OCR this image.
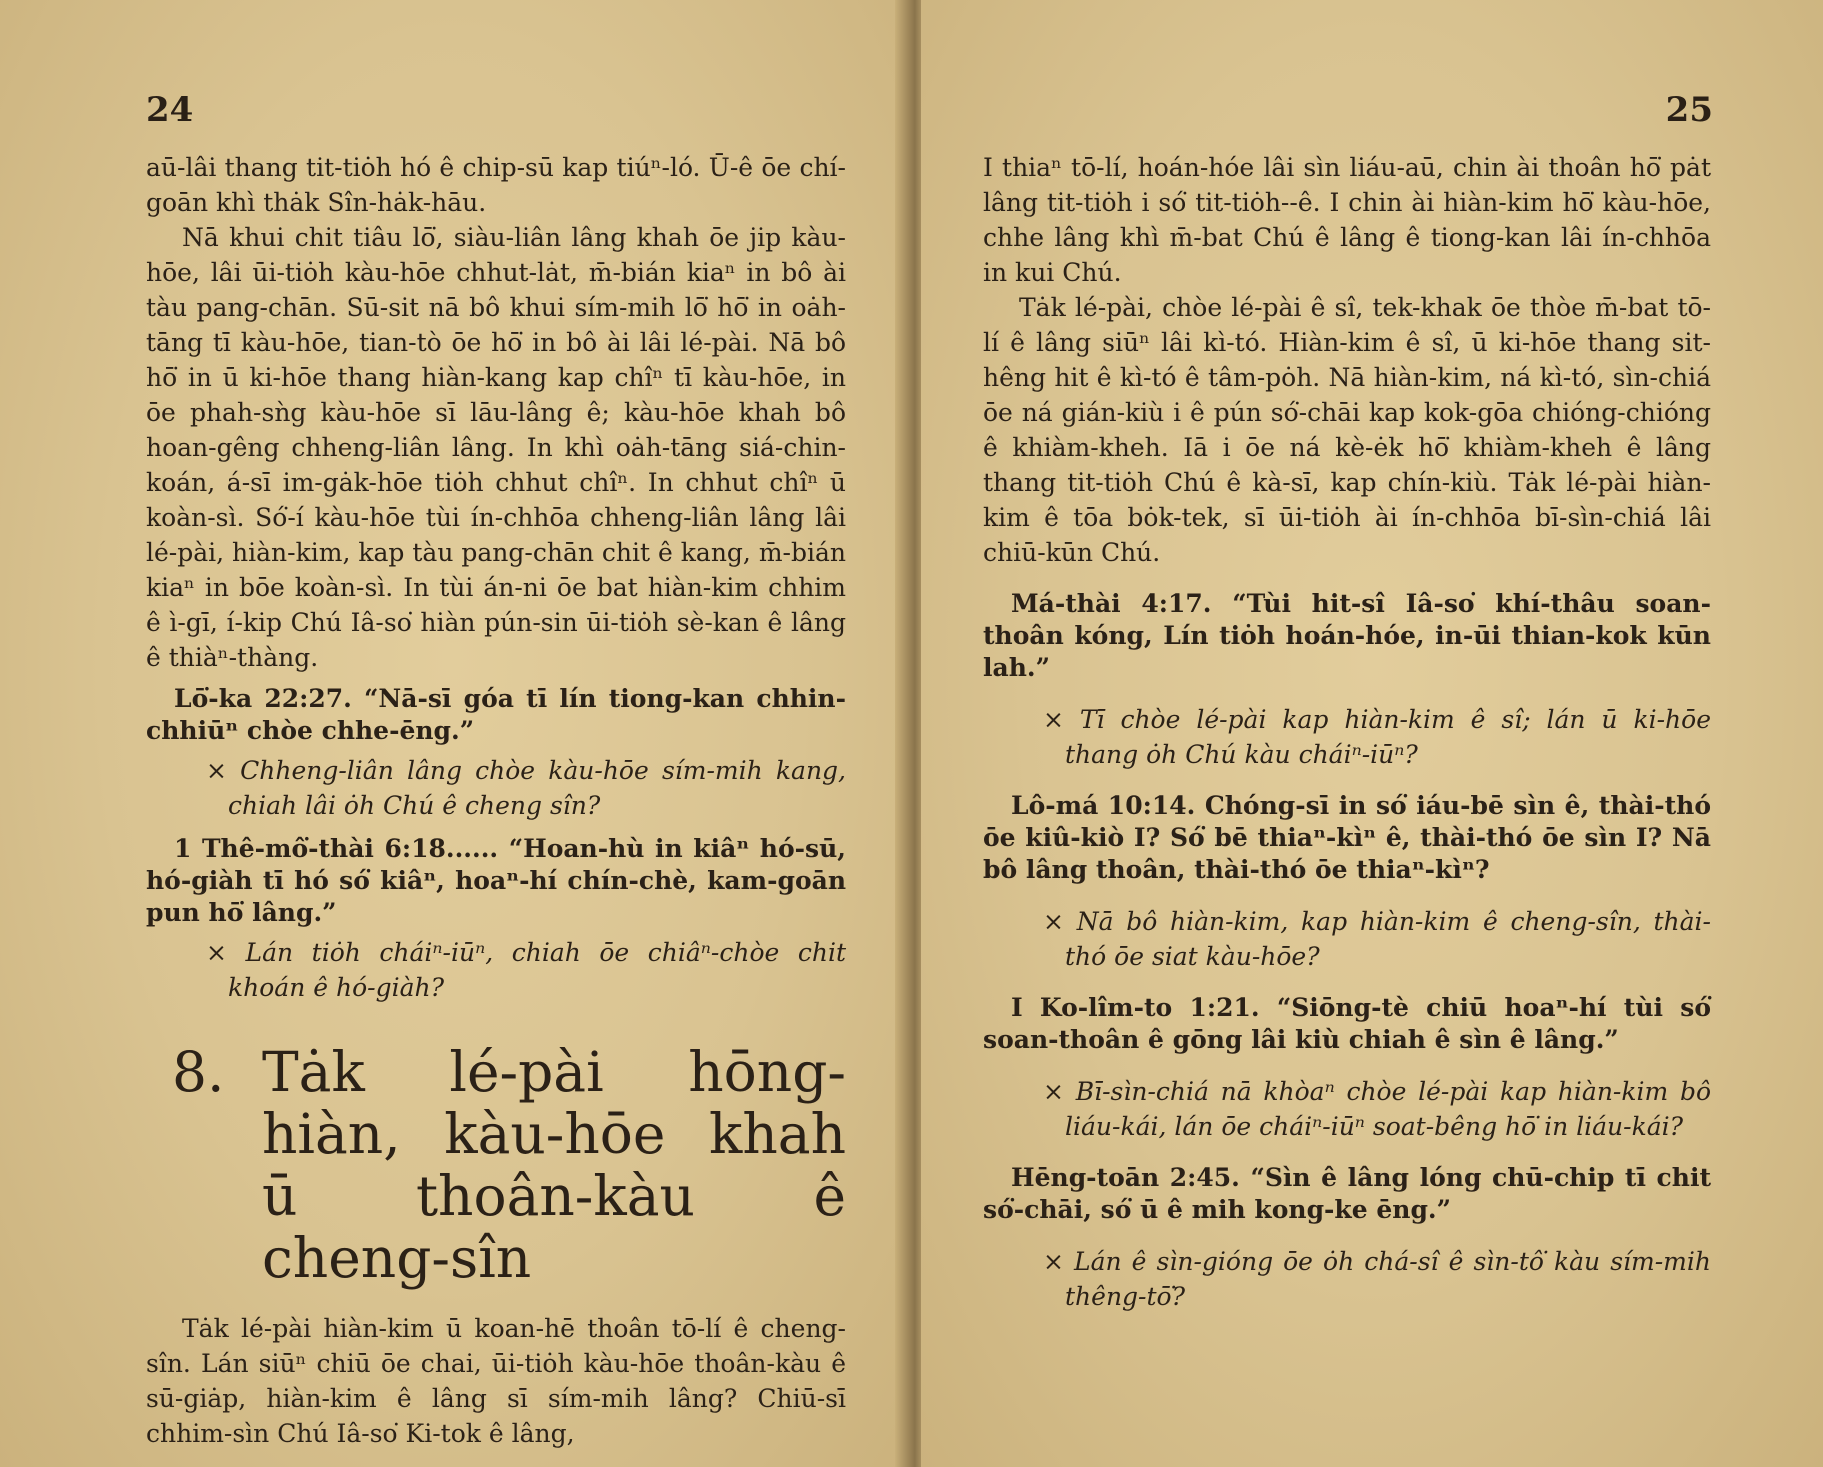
24

aū-lâi thang tit-tiȯh hó ê chip-sū kap tiúⁿ-ló. Ū-ê ōe chí-goān khì thȧk Sîn-hȧk-hāu.

Nā khui chit tiâu lō͘, siàu-liân lâng khah ōe jip kàu-hōe, lâi ūi-tiȯh kàu-hōe chhut-lȧt, m̄-bián kiaⁿ in bô ài tàu pang-chān. Sū-sit nā bô khui sím-mih lō͘ hō͘ in oȧh-tāng tī kàu-hōe, tian-tò ōe hō͘ in bô ài lâi lé-pài. Nā bô hō͘ in ū ki-hōe thang hiàn-kang kap chîⁿ tī kàu-hōe, in ōe phah-sǹg kàu-hōe sī lāu-lâng ê; kàu-hōe khah bô hoan-gêng chheng-liân lâng. In khì oȧh-tāng siá-chin-koán, á-sī im-gȧk-hōe tiȯh chhut chîⁿ. In chhut chîⁿ ū koàn-sì. Só͘-í kàu-hōe tùi ín-chhōa chheng-liân lâng lâi lé-pài, hiàn-kim, kap tàu pang-chān chit ê kang, m̄-bián kiaⁿ in bōe koàn-sì. In tùi án-ni ōe bat hiàn-kim chhim ê ì-gī, í-kip Chú Iâ-so͘ hiàn pún-sin ūi-tiȯh sè-kan ê lâng ê thiàⁿ-thàng.

Lō͘-ka 22:27. “Nā-sī góa tī lín tiong-kan chhin-chhiūⁿ chòe chhe-ēng.”

× Chheng-liân lâng chòe kàu-hōe sím-mih kang, chiah lâi ȯh Chú ê cheng sîn?

1 Thê-mô͘-thài 6:18...... “Hoan-hù in kiâⁿ hó-sū, hó-giàh tī hó só͘ kiâⁿ, hoaⁿ-hí chín-chè, kam-goān pun hō͘ lâng.”

× Lán tiȯh cháiⁿ-iūⁿ, chiah ōe chiâⁿ-chòe chit khoán ê hó-giàh?

8. Tȧk lé-pài hōng-hiàn, kàu-hōe khah ū thoân-kàu ê cheng-sîn

Tȧk lé-pài hiàn-kim ū koan-hē thoân tō-lí ê cheng-sîn. Lán siūⁿ chiū ōe chai, ūi-tiȯh kàu-hōe thoân-kàu ê sū-giȧp, hiàn-kim ê lâng sī sím-mih lâng? Chiū-sī chhim-sìn Chú Iâ-so͘ Ki-tok ê lâng,

25

I thiaⁿ tō-lí, hoán-hóe lâi sìn liáu-aū, chin ài thoân hō͘ pȧt lâng tit-tiȯh i só͘ tit-tiȯh--ê. I chin ài hiàn-kim hō͘ kàu-hōe, chhe lâng khì m̄-bat Chú ê lâng ê tiong-kan lâi ín-chhōa in kui Chú.

Tȧk lé-pài, chòe lé-pài ê sî, tek-khak ōe thòe m̄-bat tō-lí ê lâng siūⁿ lâi kì-tó. Hiàn-kim ê sî, ū ki-hōe thang sit-hêng hit ê kì-tó ê tâm-pȯh. Nā hiàn-kim, ná kì-tó, sìn-chiá ōe ná gián-kiù i ê pún só͘-chāi kap kok-gōa chióng-chióng ê khiàm-kheh. Iā i ōe ná kè-ėk hō͘ khiàm-kheh ê lâng thang tit-tiȯh Chú ê kà-sī, kap chín-kiù. Tȧk lé-pài hiàn-kim ê tōa bȯk-tek, sī ūi-tiȯh ài ín-chhōa bī-sìn-chiá lâi chiū-kūn Chú.

Má-thài 4:17. “Tùi hit-sî Iâ-so͘ khí-thâu soan-thoân kóng, Lín tiȯh hoán-hóe, in-ūi thian-kok kūn lah.”

× Tī chòe lé-pài kap hiàn-kim ê sî; lán ū ki-hōe thang ȯh Chú kàu cháiⁿ-iūⁿ?

Lô-má 10:14. Chóng-sī in só͘ iáu-bē sìn ê, thài-thó ōe kiû-kiò I? Só͘ bē thiaⁿ-kìⁿ ê, thài-thó ōe sìn I? Nā bô lâng thoân, thài-thó ōe thiaⁿ-kìⁿ?

× Nā bô hiàn-kim, kap hiàn-kim ê cheng-sîn, thài-thó ōe siat kàu-hōe?

I Ko-lîm-to 1:21. “Siōng-tè chiū hoaⁿ-hí tùi só͘ soan-thoân ê gōng lâi kiù chiah ê sìn ê lâng.”

× Bī-sìn-chiá nā khòaⁿ chòe lé-pài kap hiàn-kim bô liáu-kái, lán ōe cháiⁿ-iūⁿ soat-bêng hō͘ in liáu-kái?

Hēng-toān 2:45. “Sìn ê lâng lóng chū-chip tī chit só͘-chāi, só͘ ū ê mih kong-ke ēng.”

× Lán ê sìn-gióng ōe ȯh chá-sî ê sìn-tô͘ kàu sím-mih thêng-tō͘?
